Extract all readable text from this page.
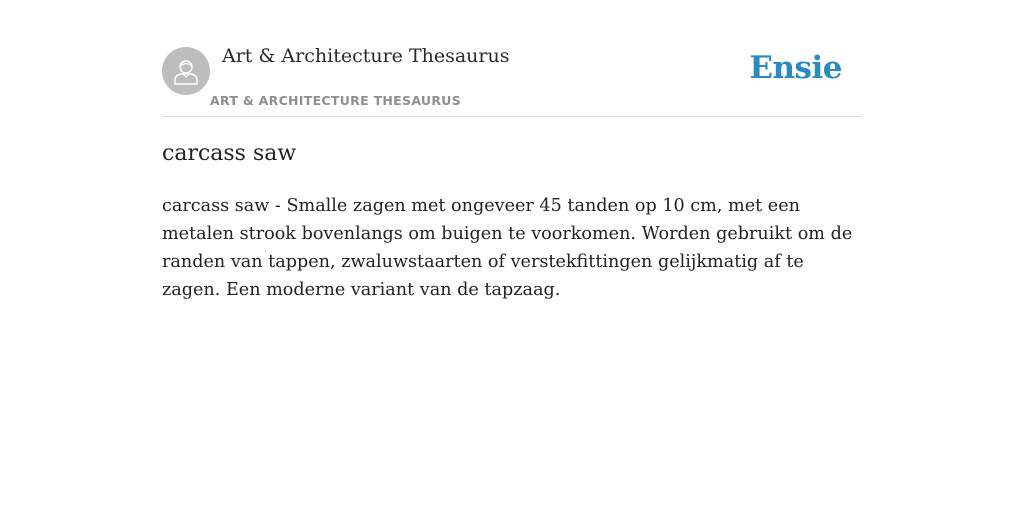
Art & Architecture Thesaurus
ART & ARCHITECTURE THESAURUS
Ensie
carcass saw

carcass saw - Smalle zagen met ongeveer 45 tanden op 10 cm, met een metalen strook bovenlangs om buigen te voorkomen. Worden gebruikt om de randen van tappen, zwaluwstaarten of verstekfittingen gelijkmatig af te zagen. Een moderne variant van de tapzaag.
